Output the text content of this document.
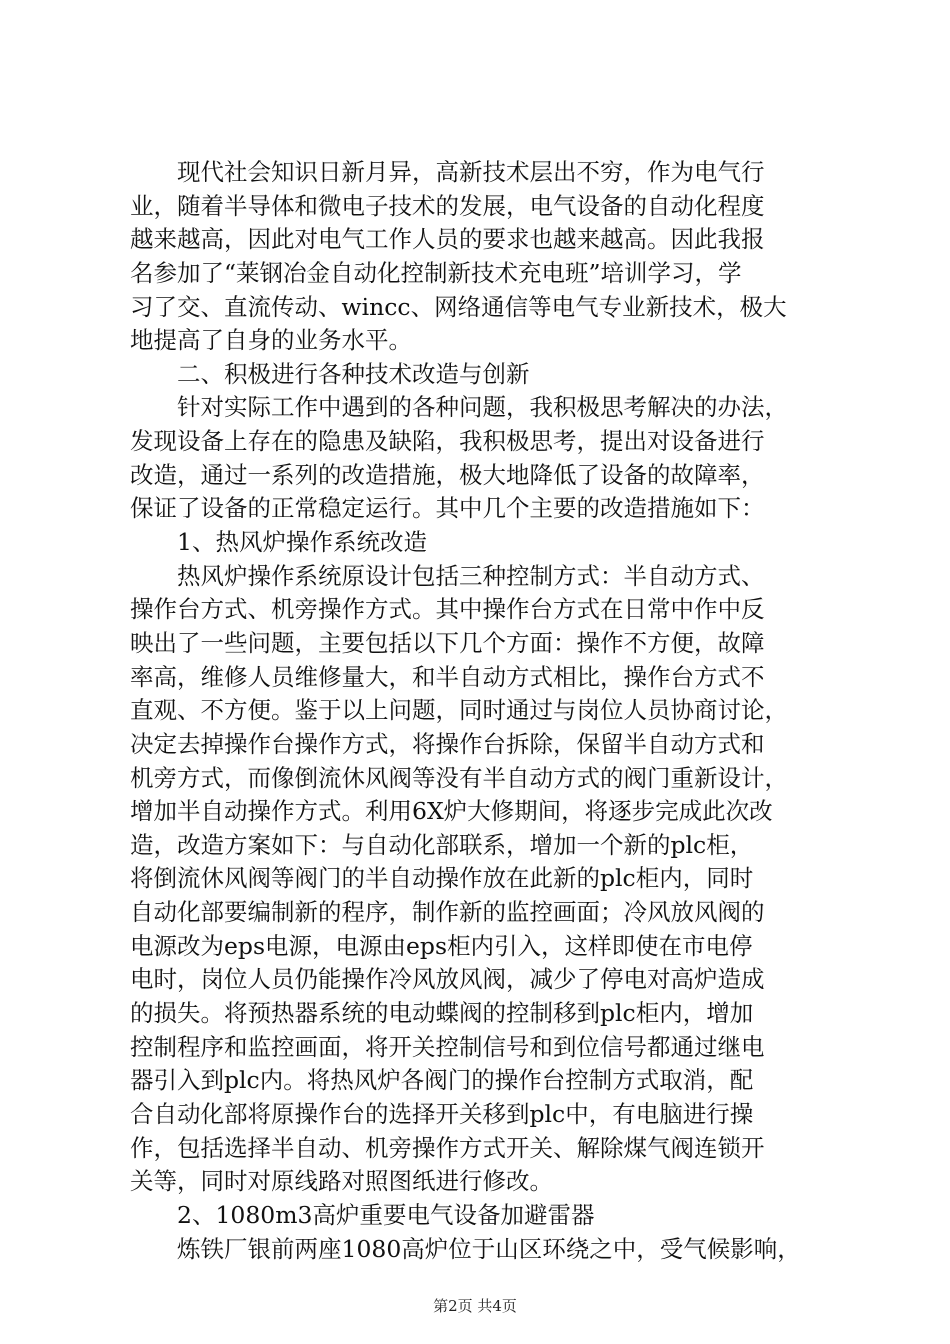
现代社会知识日新月异，高新技术层出不穷，作为电气行
业，随着半导体和微电子技术的发展，电气设备的自动化程度
越来越高，因此对电气工作人员的要求也越来越高。因此我报
名参加了“莱钢冶金自动化控制新技术充电班”培训学习，学
习了交、直流传动、wincc、网络通信等电气专业新技术，极大
地提高了自身的业务水平。
二、积极进行各种技术改造与创新
针对实际工作中遇到的各种问题，我积极思考解决的办法，
发现设备上存在的隐患及缺陷，我积极思考，提出对设备进行
改造，通过一系列的改造措施，极大地降低了设备的故障率，
保证了设备的正常稳定运行。其中几个主要的改造措施如下：
1、热风炉操作系统改造
热风炉操作系统原设计包括三种控制方式：半自动方式、
操作台方式、机旁操作方式。其中操作台方式在日常中作中反
映出了一些问题，主要包括以下几个方面：操作不方便，故障
率高，维修人员维修量大，和半自动方式相比，操作台方式不
直观、不方便。鉴于以上问题，同时通过与岗位人员协商讨论，
决定去掉操作台操作方式，将操作台拆除，保留半自动方式和
机旁方式，而像倒流休风阀等没有半自动方式的阀门重新设计，
增加半自动操作方式。利用6X炉大修期间，将逐步完成此次改
造，改造方案如下：与自动化部联系，增加一个新的plc柜，
将倒流休风阀等阀门的半自动操作放在此新的plc柜内，同时
自动化部要编制新的程序，制作新的监控画面；冷风放风阀的
电源改为eps电源，电源由eps柜内引入，这样即使在市电停
电时，岗位人员仍能操作冷风放风阀，减少了停电对高炉造成
的损失。将预热器系统的电动蝶阀的控制移到plc柜内，增加
控制程序和监控画面，将开关控制信号和到位信号都通过继电
器引入到plc内。将热风炉各阀门的操作台控制方式取消，配
合自动化部将原操作台的选择开关移到plc中，有电脑进行操
作，包括选择半自动、机旁操作方式开关、解除煤气阀连锁开
关等，同时对原线路对照图纸进行修改。
2、1080m3高炉重要电气设备加避雷器
炼铁厂银前两座1080高炉位于山区环绕之中，受气候影响，
第2页 共4页
